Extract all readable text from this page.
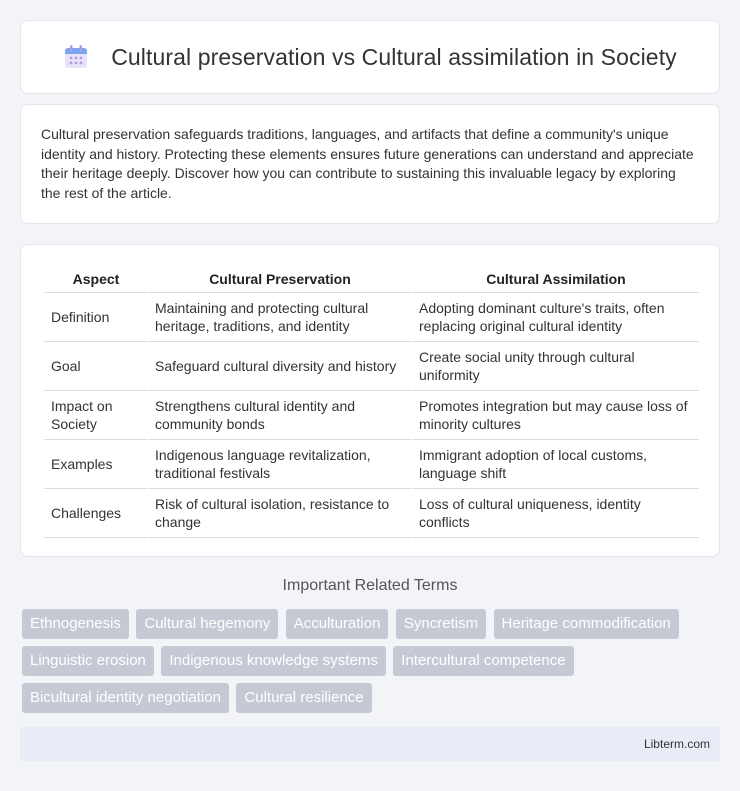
Cultural preservation vs Cultural assimilation in Society

Cultural preservation safeguards traditions, languages, and artifacts that define a community's unique identity and history. Protecting these elements ensures future generations can understand and appreciate their heritage deeply. Discover how you can contribute to sustaining this invaluable legacy by exploring the rest of the article.

Aspect	Cultural Preservation	Cultural Assimilation
Definition	Maintaining and protecting cultural heritage, traditions, and identity	Adopting dominant culture's traits, often replacing original cultural identity
Goal	Safeguard cultural diversity and history	Create social unity through cultural uniformity
Impact on Society	Strengthens cultural identity and community bonds	Promotes integration but may cause loss of minority cultures
Examples	Indigenous language revitalization, traditional festivals	Immigrant adoption of local customs, language shift
Challenges	Risk of cultural isolation, resistance to change	Loss of cultural uniqueness, identity conflicts
Important Related Terms
Ethnogenesis Cultural hegemony Acculturation Syncretism Heritage commodification Linguistic erosion Indigenous knowledge systems Intercultural competence Bicultural identity negotiation Cultural resilience
Libterm.com
